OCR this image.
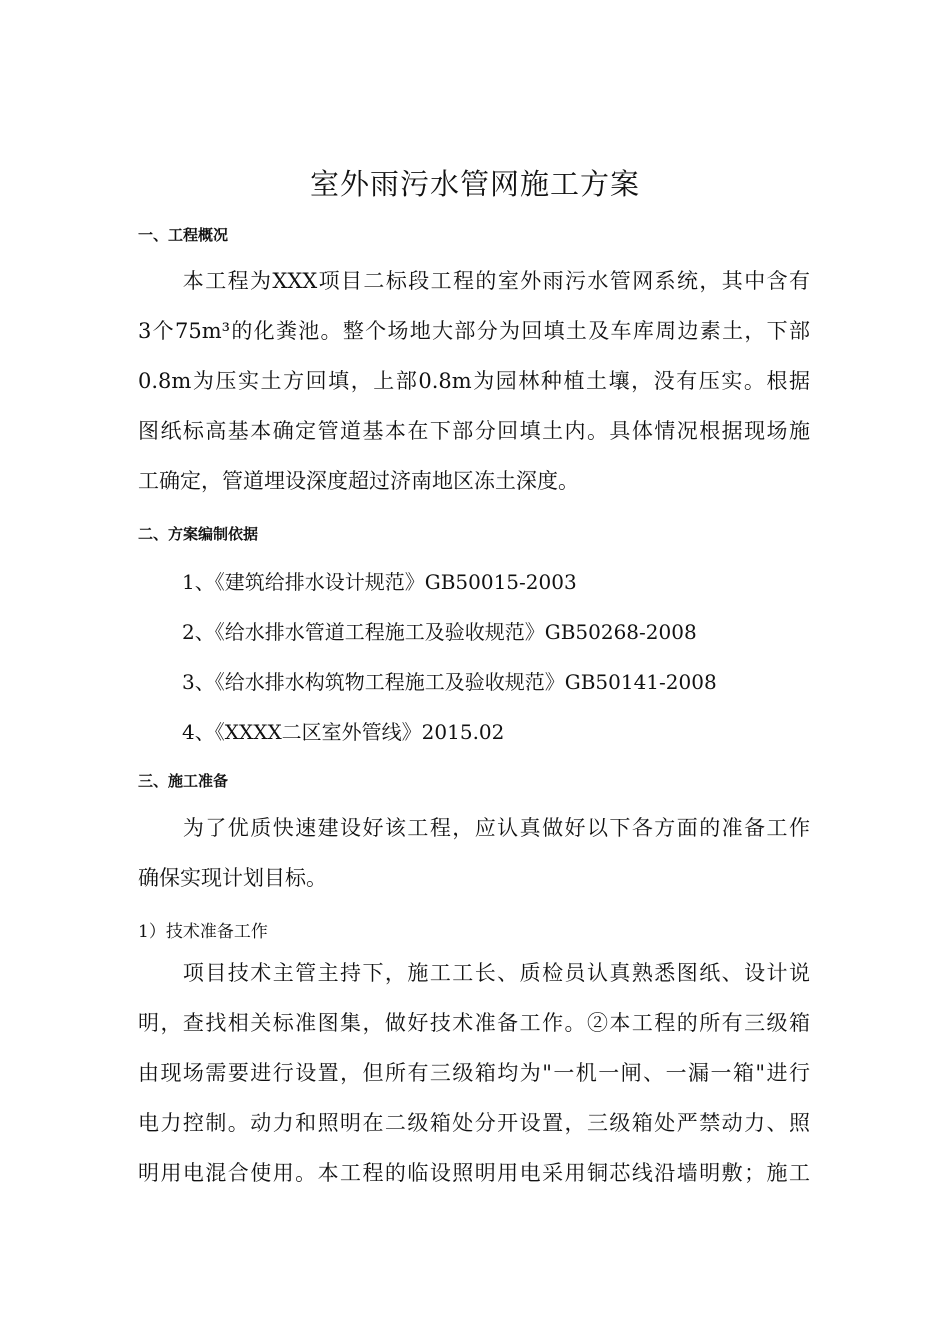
室外雨污水管网施工方案
一、工程概况
　　本工程为XXX项目二标段工程的室外雨污水管网系统，其中含有
3个75m³的化粪池。整个场地大部分为回填土及车库周边素土，下部
0.8m为压实土方回填，上部0.8m为园林种植土壤，没有压实。根据
图纸标高基本确定管道基本在下部分回填土内。具体情况根据现场施
工确定，管道埋设深度超过济南地区冻土深度。
二、方案编制依据
1、《建筑给排水设计规范》GB50015-2003
2、《给水排水管道工程施工及验收规范》GB50268-2008
3、《给水排水构筑物工程施工及验收规范》GB50141-2008
4、《XXXX二区室外管线》2015.02
三、施工准备
　　为了优质快速建设好该工程，应认真做好以下各方面的准备工作
确保实现计划目标。
1）技术准备工作
　　项目技术主管主持下，施工工长、质检员认真熟悉图纸、设计说
明，查找相关标准图集，做好技术准备工作。②本工程的所有三级箱
由现场需要进行设置，但所有三级箱均为"一机一闸、一漏一箱"进行
电力控制。动力和照明在二级箱处分开设置，三级箱处严禁动力、照
明用电混合使用。本工程的临设照明用电采用铜芯线沿墙明敷；施工
